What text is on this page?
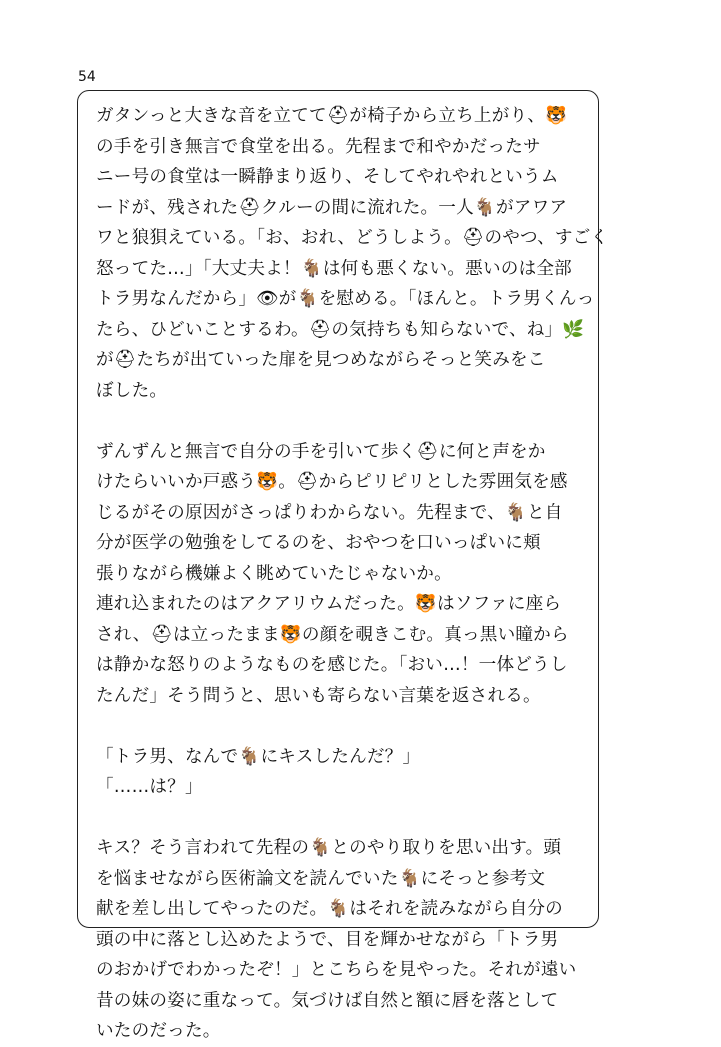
54
ガタンっと大きな音を立てて⛑が椅子から立ち上がり、🐯
の手を引き無言で食堂を出る。先程まで和やかだったサ
ニー号の食堂は一瞬静まり返り、そしてやれやれというム
ードが、残された⛑クルーの間に流れた。一人🐐がアワア
ワと狼狽えている。「お、おれ、どうしよう。⛑のやつ、すごく
怒ってた…」「大丈夫よ！🐐は何も悪くない。悪いのは全部
トラ男なんだから」👁が🐐を慰める。「ほんと。トラ男くんっ
たら、ひどいことするわ。⛑の気持ちも知らないで、ね」🌿
が⛑たちが出ていった扉を見つめながらそっと笑みをこ
ぼした。
ずんずんと無言で自分の手を引いて歩く⛑に何と声をか
けたらいいか戸惑う🐯。⛑からピリピリとした雰囲気を感
じるがその原因がさっぱりわからない。先程まで、🐐と自
分が医学の勉強をしてるのを、おやつを口いっぱいに頬
張りながら機嫌よく眺めていたじゃないか。
連れ込まれたのはアクアリウムだった。🐯はソファに座ら
され、⛑は立ったまま🐯の顔を覗きこむ。真っ黒い瞳から
は静かな怒りのようなものを感じた。「おい…！一体どうし
たんだ」そう問うと、思いも寄らない言葉を返される。
「トラ男、なんで🐐にキスしたんだ？」
「……は？」
キス？そう言われて先程の🐐とのやり取りを思い出す。頭
を悩ませながら医術論文を読んでいた🐐にそっと参考文
献を差し出してやったのだ。🐐はそれを読みながら自分の
頭の中に落とし込めたようで、目を輝かせながら「トラ男
のおかげでわかったぞ！」とこちらを見やった。それが遠い
昔の妹の姿に重なって。気づけば自然と額に唇を落として
いたのだった。
